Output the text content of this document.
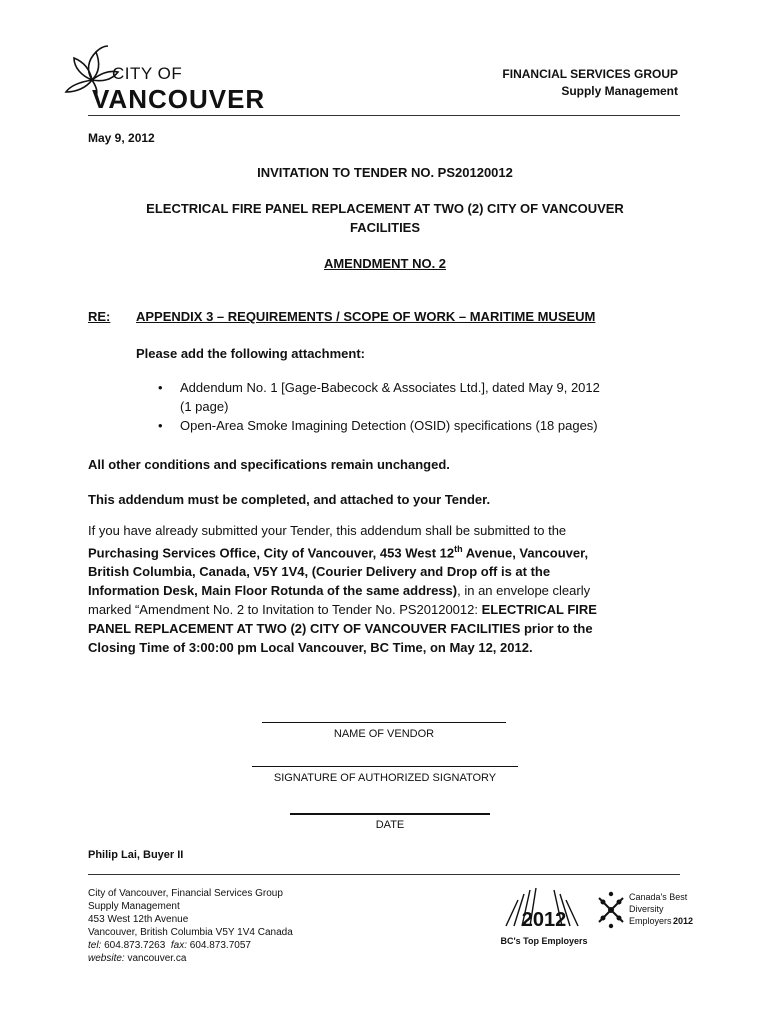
CITY OF
VANCOUVER
FINANCIAL SERVICES GROUP
Supply Management
May 9, 2012
INVITATION TO TENDER NO. PS20120012
ELECTRICAL FIRE PANEL REPLACEMENT AT TWO (2) CITY OF VANCOUVER FACILITIES
AMENDMENT NO. 2
RE: APPENDIX 3 – REQUIREMENTS / SCOPE OF WORK – MARITIME MUSEUM
Please add the following attachment:
• Addendum No. 1 [Gage-Babecock & Associates Ltd.], dated May 9, 2012
(1 page)
• Open-Area Smoke Imagining Detection (OSID) specifications (18 pages)
All other conditions and specifications remain unchanged.
This addendum must be completed, and attached to your Tender.
If you have already submitted your Tender, this addendum shall be submitted to the
Purchasing Services Office, City of Vancouver, 453 West 12th Avenue, Vancouver,
British Columbia, Canada, V5Y 1V4, (Courier Delivery and Drop off is at the
Information Desk, Main Floor Rotunda of the same address), in an envelope clearly
marked “Amendment No. 2 to Invitation to Tender No. PS20120012: ELECTRICAL FIRE
PANEL REPLACEMENT AT TWO (2) CITY OF VANCOUVER FACILITIES prior to the
Closing Time of 3:00:00 pm Local Vancouver, BC Time, on May 12, 2012.
NAME OF VENDOR
SIGNATURE OF AUTHORIZED SIGNATORY
DATE
Philip Lai, Buyer II
City of Vancouver, Financial Services Group
Supply Management
453 West 12th Avenue
Vancouver, British Columbia V5Y 1V4 Canada
tel: 604.873.7263 fax: 604.873.7057
website: vancouver.ca
2012
BC's Top Employers
Canada's Best
Diversity
Employers 2012
